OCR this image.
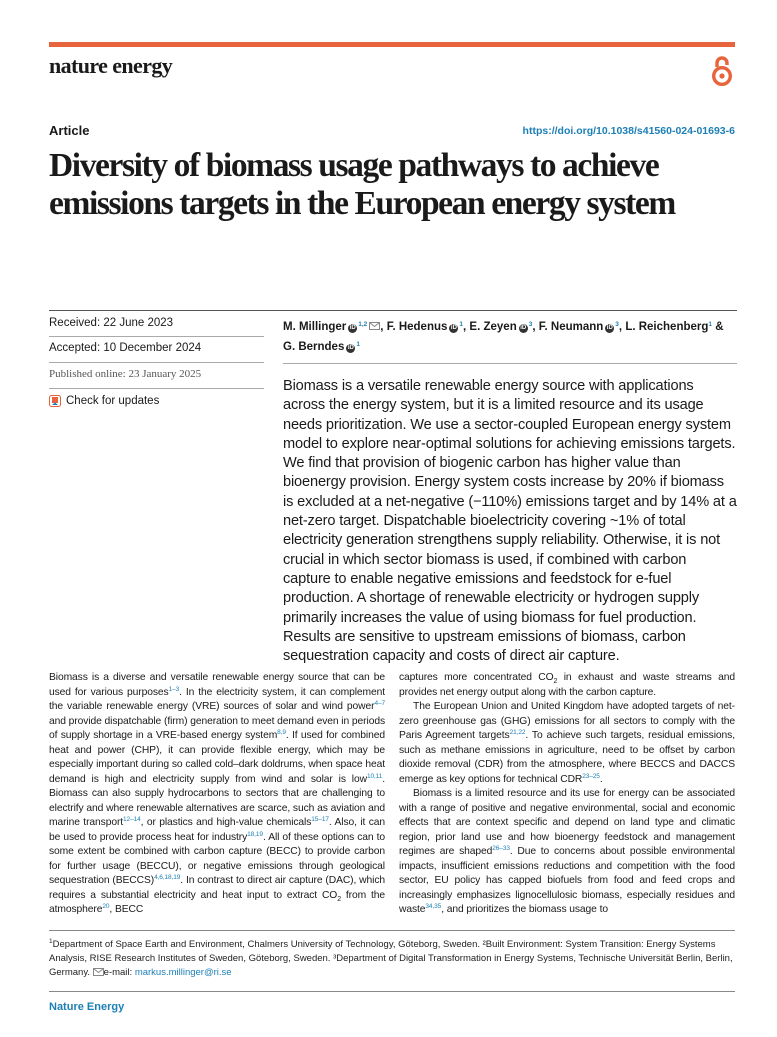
nature energy
Article	https://doi.org/10.1038/s41560-024-01693-6
Diversity of biomass usage pathways to achieve emissions targets in the European energy system
Received: 22 June 2023
Accepted: 10 December 2024
Published online: 23 January 2025
Check for updates
M. Millinger iD $^{1,2}$ , F. Hedenus iD $^1$, E. Zeyen iD $^3$, F. Neumann iD $^3$, L. Reichenberg$^1$ & G. Berndes iD $^1$

Biomass is a versatile renewable energy source with applications across the energy system, but it is a limited resource and its usage needs prioritization. We use a sector-coupled European energy system model to explore near-optimal solutions for achieving emissions targets. We find that provision of biogenic carbon has higher value than bioenergy provision. Energy system costs increase by 20% if biomass is excluded at a net-negative (−110%) emissions target and by 14% at a net-zero target. Dispatchable bioelectricity covering ~1% of total electricity generation strengthens supply reliability. Otherwise, it is not crucial in which sector biomass is used, if combined with carbon capture to enable negative emissions and feedstock for e-fuel production. A shortage of renewable electricity or hydrogen supply primarily increases the value of using biomass for fuel production. Results are sensitive to upstream emissions of biomass, carbon sequestration capacity and costs of direct air capture.

Biomass is a diverse and versatile renewable energy source that can be used for various purposes$^{1-3}$. In the electricity system, it can complement the variable renewable energy (VRE) sources of solar and wind power$^{4-7}$ and provide dispatchable (firm) generation to meet demand even in periods of supply shortage in a VRE-based energy system$^{8,9}$. If used for combined heat and power (CHP), it can provide flexible energy, which may be especially important during so called cold–dark doldrums, when space heat demand is high and electricity supply from wind and solar is low$^{10,11}$. Biomass can also supply hydrocarbons to sectors that are challenging to electrify and where renewable alternatives are scarce, such as aviation and marine transport$^{12-14}$, or plastics and high-value chemicals$^{15-17}$. Also, it can be used to provide process heat for industry$^{18,19}$. All of these options can to some extent be combined with carbon capture (BECC) to provide carbon for further usage (BECCU), or negative emissions through geological sequestration (BECCS)$^{4,6,18,19}$. In contrast to direct air capture (DAC), which requires a substantial electricity and heat input to extract $CO_2$ from the atmosphere$^{20}$, BECC

captures more concentrated $CO_2$ in exhaust and waste streams and provides net energy output along with the carbon capture.

The European Union and United Kingdom have adopted targets of net-zero greenhouse gas (GHG) emissions for all sectors to comply with the Paris Agreement targets$^{21,22}$. To achieve such targets, residual emissions, such as methane emissions in agriculture, need to be offset by carbon dioxide removal (CDR) from the atmosphere, where BECCS and DACCS emerge as key options for technical CDR$^{23-25}$.

Biomass is a limited resource and its use for energy can be associated with a range of positive and negative environmental, social and economic effects that are context specific and depend on land type and climatic region, prior land use and how bioenergy feedstock and management regimes are shaped$^{26-33}$. Due to concerns about possible environmental impacts, insufficient emissions reductions and competition with the food sector, EU policy has capped biofuels from food and feed crops and increasingly emphasizes lignocellulosic biomass, especially residues and waste$^{34,35}$, and prioritizes the biomass usage to

$^1$Department of Space Earth and Environment, Chalmers University of Technology, Göteborg, Sweden. ²Built Environment: System Transition: Energy Systems Analysis, RISE Research Institutes of Sweden, Göteborg, Sweden. ³Department of Digital Transformation in Energy Systems, Technische Universität Berlin, Berlin, Germany. e-mail: markus.millinger@ri.se

Nature Energy
